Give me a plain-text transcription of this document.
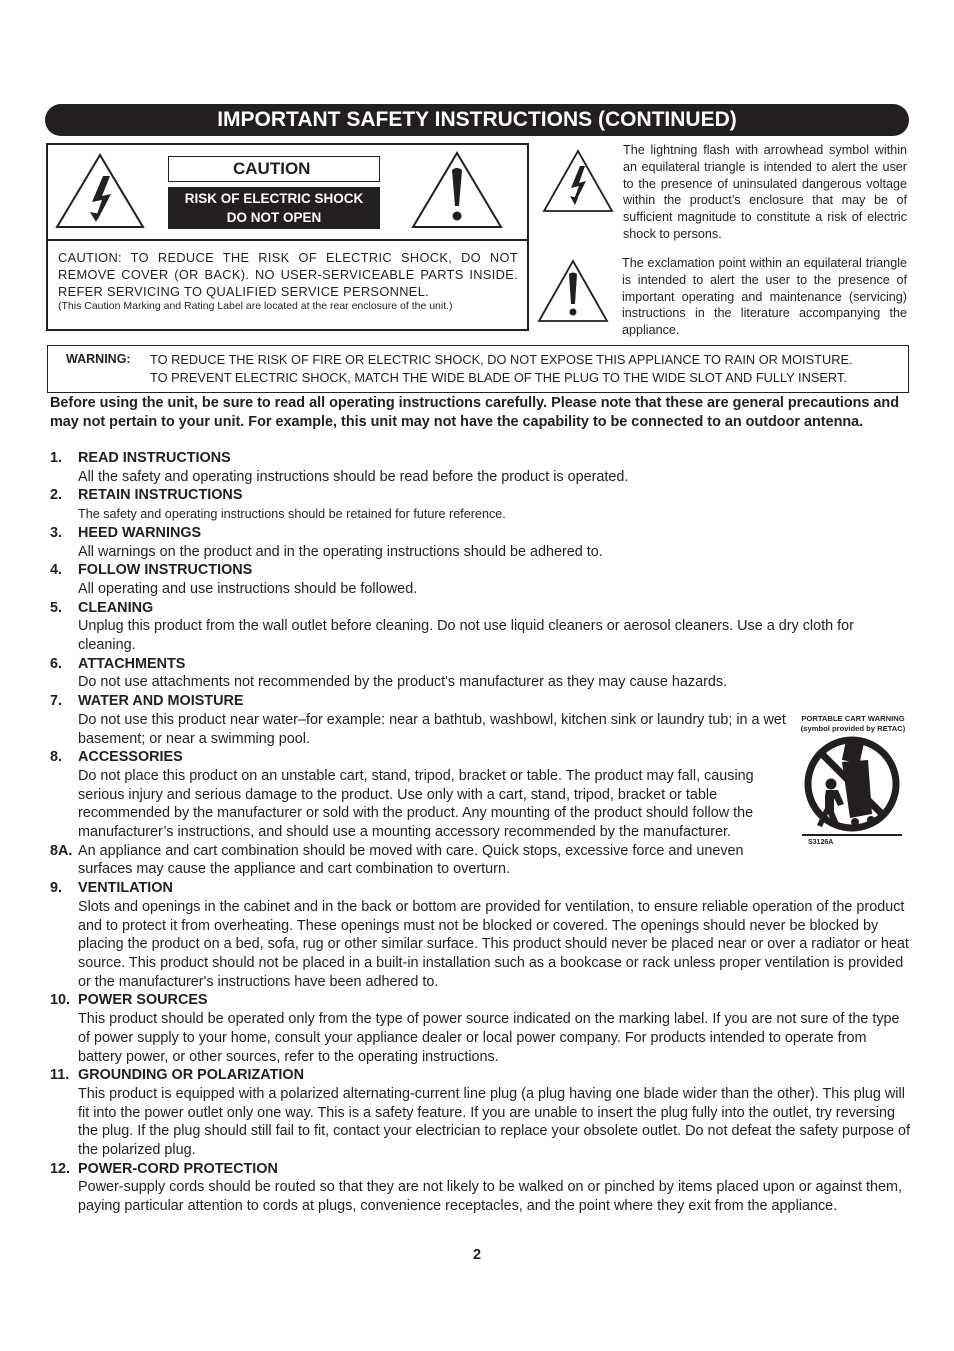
IMPORTANT SAFETY INSTRUCTIONS (CONTINUED)
CAUTION
RISK OF ELECTRIC SHOCK
DO NOT OPEN
CAUTION: TO REDUCE THE RISK OF ELECTRIC SHOCK, DO NOT REMOVE COVER (OR BACK). NO USER-SERVICEABLE PARTS INSIDE. REFER SERVICING TO QUALIFIED SERVICE PERSONNEL.
(This Caution Marking and Rating Label are located at the rear enclosure of the unit.)
The lightning flash with arrowhead symbol within an equilateral triangle is intended to alert the user to the presence of uninsulated dangerous voltage within the product’s enclosure that may be of sufficient magnitude to constitute a risk of electric shock to persons.
The exclamation point within an equilateral triangle is intended to alert the user to the presence of important operating and maintenance (servicing) instructions in the literature accompanying the appliance.
WARNING: TO REDUCE THE RISK OF FIRE OR ELECTRIC SHOCK, DO NOT EXPOSE THIS APPLIANCE TO RAIN OR MOISTURE.
TO PREVENT ELECTRIC SHOCK, MATCH THE WIDE BLADE OF THE PLUG TO THE WIDE SLOT AND FULLY INSERT.
Before using the unit, be sure to read all operating instructions carefully. Please note that these are general precautions and may not pertain to your unit. For example, this unit may not have the capability to be connected to an outdoor antenna.
1. READ INSTRUCTIONS
All the safety and operating instructions should be read before the product is operated.
2. RETAIN INSTRUCTIONS
The safety and operating instructions should be retained for future reference.
3. HEED WARNINGS
All warnings on the product and in the operating instructions should be adhered to.
4. FOLLOW INSTRUCTIONS
All operating and use instructions should be followed.
5. CLEANING
Unplug this product from the wall outlet before cleaning. Do not use liquid cleaners or aerosol cleaners. Use a dry cloth for cleaning.
6. ATTACHMENTS
Do not use attachments not recommended by the product's manufacturer as they may cause hazards.
7. WATER AND MOISTURE
Do not use this product near water–for example: near a bathtub, washbowl, kitchen sink or laundry tub; in a wet basement; or near a swimming pool.
8. ACCESSORIES
Do not place this product on an unstable cart, stand, tripod, bracket or table. The product may fall, causing serious injury and serious damage to the product. Use only with a cart, stand, tripod, bracket or table recommended by the manufacturer or sold with the product. Any mounting of the product should follow the manufacturer’s instructions, and should use a mounting accessory recommended by the manufacturer.
8A. An appliance and cart combination should be moved with care. Quick stops, excessive force and uneven surfaces may cause the appliance and cart combination to overturn.
9. VENTILATION
Slots and openings in the cabinet and in the back or bottom are provided for ventilation, to ensure reliable operation of the product and to protect it from overheating. These openings must not be blocked or covered. The openings should never be blocked by placing the product on a bed, sofa, rug or other similar surface. This product should never be placed near or over a radiator or heat source. This product should not be placed in a built-in installation such as a bookcase or rack unless proper ventilation is provided or the manufacturer's instructions have been adhered to.
10. POWER SOURCES
This product should be operated only from the type of power source indicated on the marking label. If you are not sure of the type of power supply to your home, consult your appliance dealer or local power company. For products intended to operate from battery power, or other sources, refer to the operating instructions.
11. GROUNDING OR POLARIZATION
This product is equipped with a polarized alternating-current line plug (a plug having one blade wider than the other). This plug will fit into the power outlet only one way. This is a safety feature. If you are unable to insert the plug fully into the outlet, try reversing the plug. If the plug should still fail to fit, contact your electrician to replace your obsolete outlet. Do not defeat the safety purpose of the polarized plug.
12. POWER-CORD PROTECTION
Power-supply cords should be routed so that they are not likely to be walked on or pinched by items placed upon or against them, paying particular attention to cords at plugs, convenience receptacles, and the point where they exit from the appliance.
PORTABLE CART WARNING
(symbol provided by RETAC)
S3126A
2
